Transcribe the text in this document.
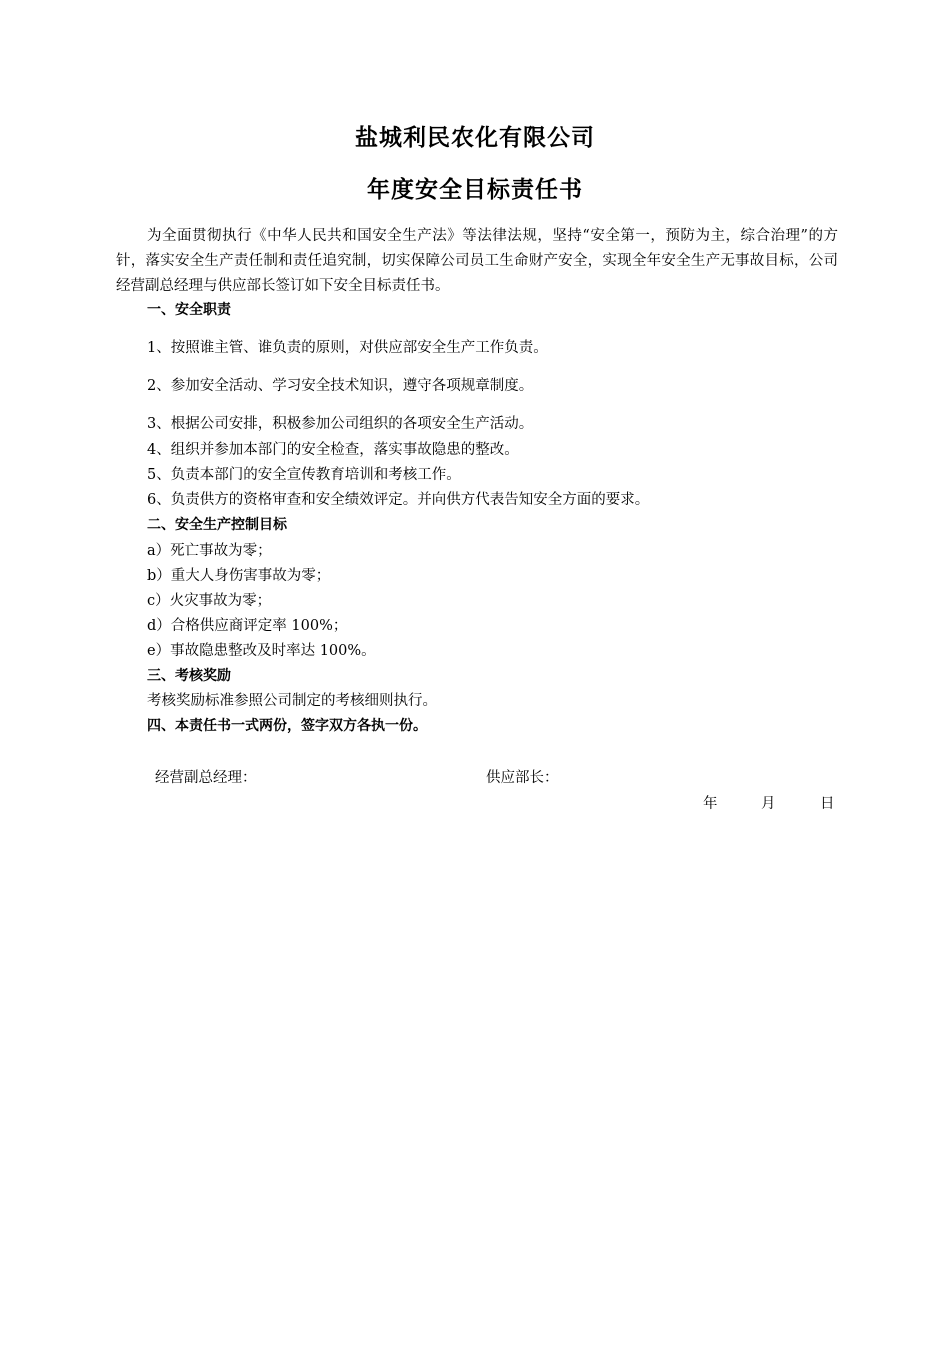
盐城利民农化有限公司
年度安全目标责任书
为全面贯彻执行《中华人民共和国安全生产法》等法律法规，坚持“安全第一，预防为主，综合治理”的方针，落实安全生产责任制和责任追究制，切实保障公司员工生命财产安全，实现全年安全生产无事故目标，公司经营副总经理与供应部长签订如下安全目标责任书。
一、安全职责
1、按照谁主管、谁负责的原则，对供应部安全生产工作负责。
2、参加安全活动、学习安全技术知识，遵守各项规章制度。
3、根据公司安排，积极参加公司组织的各项安全生产活动。
4、组织并参加本部门的安全检查，落实事故隐患的整改。
5、负责本部门的安全宣传教育培训和考核工作。
6、负责供方的资格审查和安全绩效评定。并向供方代表告知安全方面的要求。
二、安全生产控制目标
a）死亡事故为零；
b）重大人身伤害事故为零；
c）火灾事故为零；
d）合格供应商评定率 100%；
e）事故隐患整改及时率达 100%。
三、考核奖励
考核奖励标准参照公司制定的考核细则执行。
四、本责任书一式两份，签字双方各执一份。
经营副总经理：	供应部长：
年	月	日
